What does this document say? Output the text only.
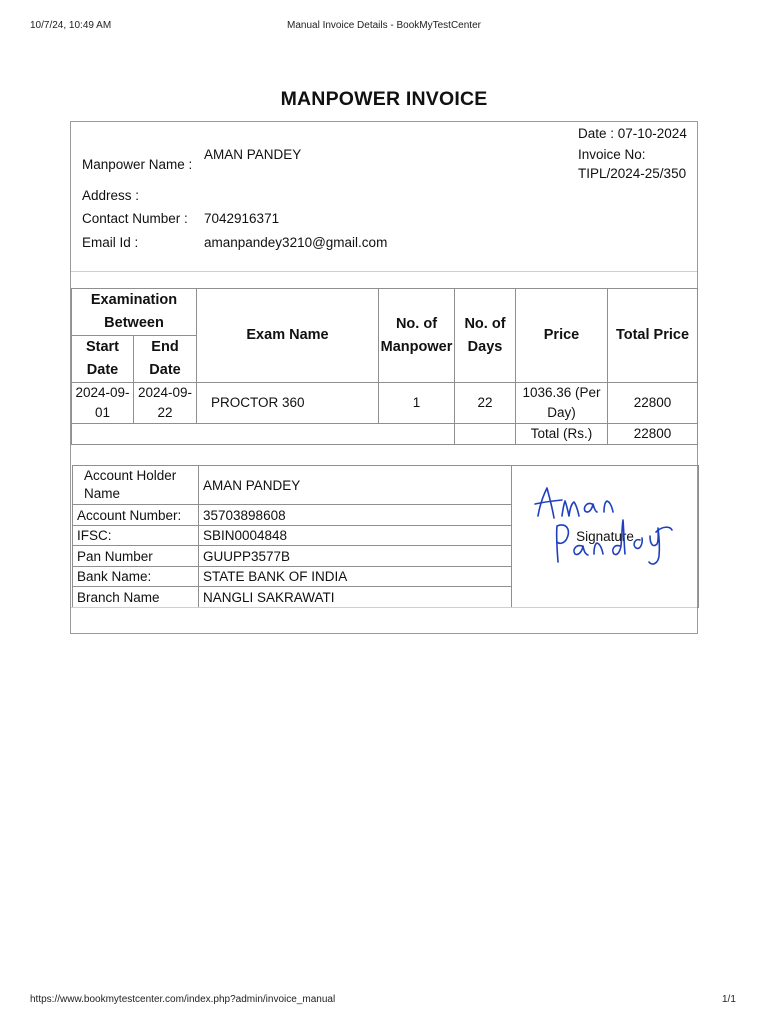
10/7/24, 10:49 AM	Manual Invoice Details - BookMyTestCenter
MANPOWER INVOICE
Date : 07-10-2024
Invoice No:
TIPL/2024-25/350
Manpower Name :
AMAN PANDEY
Address :
Contact Number : 7042916371
Email Id :	amanpandey3210@gmail.com
Examination Between		Exam Name	No. of Manpower	No. of Days	Price	Total Price
Start Date	End Date					
2024-09-01	2024-09-22	PROCTOR 360	1	22	1036.36 (Per Day)	22800
					Total (Rs.)	22800
Account Holder Name	AMAN PANDEY	Signature
Account Number:	35703898608	
IFSC:	SBIN0004848	
Pan Number	GUUPP3577B	
Bank Name:	STATE BANK OF INDIA	
Branch Name	NANGLI SAKRAWATI	
https://www.bookmytestcenter.com/index.php?admin/invoice_manual	1/1
